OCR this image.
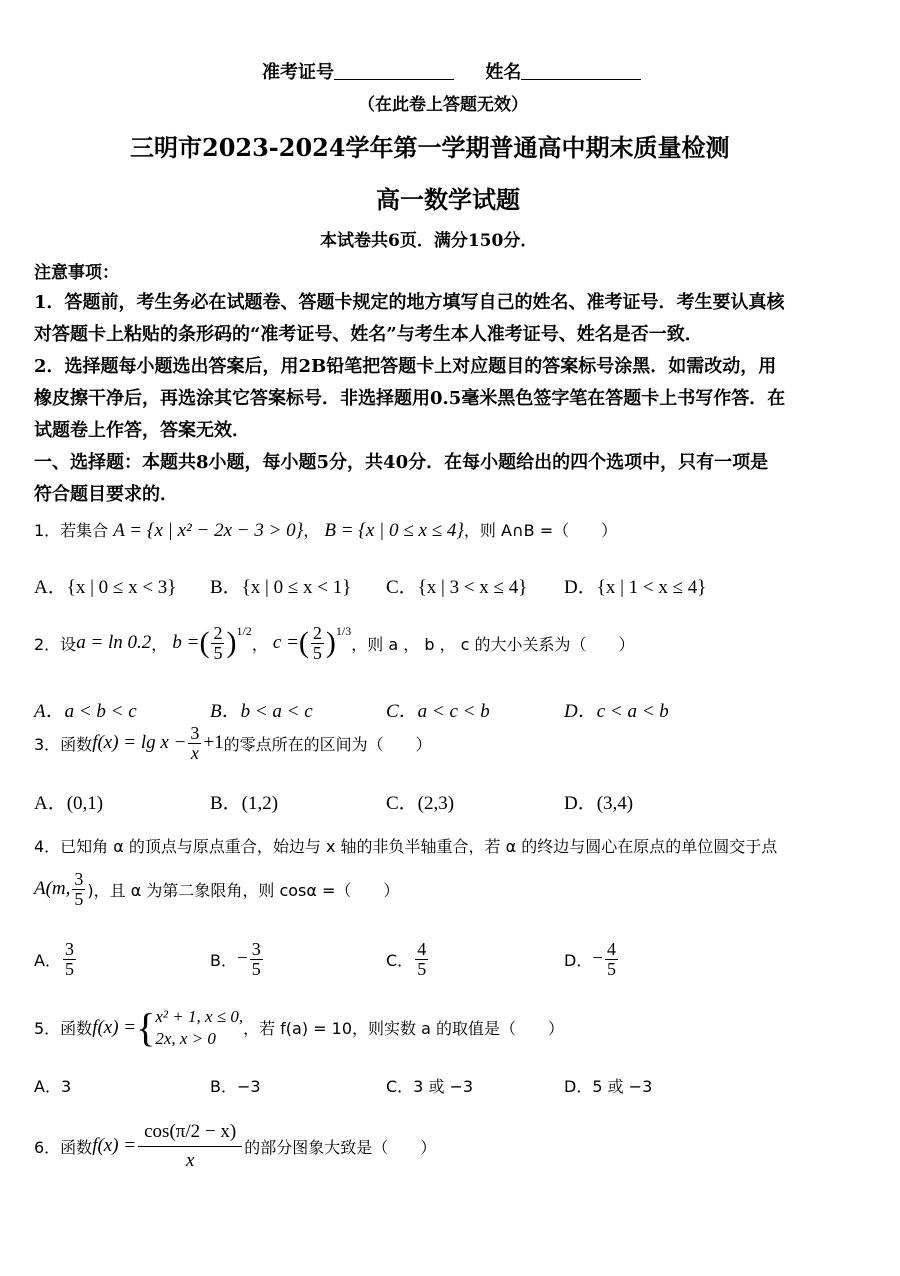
准考证号	姓名
（在此卷上答题无效）
三明市2023-2024学年第一学期普通高中期末质量检测
高一数学试题
本试卷共6页．满分150分．
注意事项：
1．答题前，考生务必在试题卷、答题卡规定的地方填写自己的姓名、准考证号．考生要认真核
对答题卡上粘贴的条形码的“准考证号、姓名”与考生本人准考证号、姓名是否一致．
2．选择题每小题选出答案后，用2B铅笔把答题卡上对应题目的答案标号涂黑．如需改动，用
橡皮擦干净后，再选涂其它答案标号．非选择题用0.5毫米黑色签字笔在答题卡上书写作答．在
试题卷上作答，答案无效．
一、选择题：本题共8小题，每小题5分，共40分．在每小题给出的四个选项中，只有一项是
符合题目要求的．
1．若集合 A = {x | x² − 2x − 3 > 0}， B = {x | 0 ≤ x ≤ 4}，则 A∩B =（　　）
A．{x | 0 ≤ x < 3} B．{x | 0 ≤ x < 1} C．{x | 3 < x ≤ 4} D．{x | 1 < x ≤ 4}
2．设 a = ln 0.2 ， b = ( $\frac{2}{5} )^{1/2}$
， c = ( $\frac{2}{5} )^{1/3}$
，则 a ， b ， c 的大小关系为（　　）
A．a < b < c	B．b < a < c	C．a < c < b	D．c < a < b
3．函数 $f(x) = \lg x - \frac{3}{x} +1$ 的零点所在的区间为（　　）
A．(0,1)	B．(1,2)	C．(2,3)	D．(3,4)
4．已知角 α 的顶点与原点重合，始边与 x 轴的非负半轴重合，若 α 的终边与圆心在原点的单位圆交于点
A(m, $\frac{3}{5}$ )，且 α 为第二象限角，则 cosα =（　　）
A． $\frac{3}{5}$	B． − $\frac{3}{5}$	C． $\frac{4}{5}$	D． − $\frac{4}{5}$
5．函数 f(x) = { x² + 1, x ≤ 0,
2x, x > 0	，若 f(a) = 10，则实数 a 的取值是（　　）
A．3	B．−3	C．3 或 −3	D．5 或 −3
6．函数 $f(x) = \frac{\cos(\pi/2 - x)}{x}$ 的部分图象大致是（　　）
